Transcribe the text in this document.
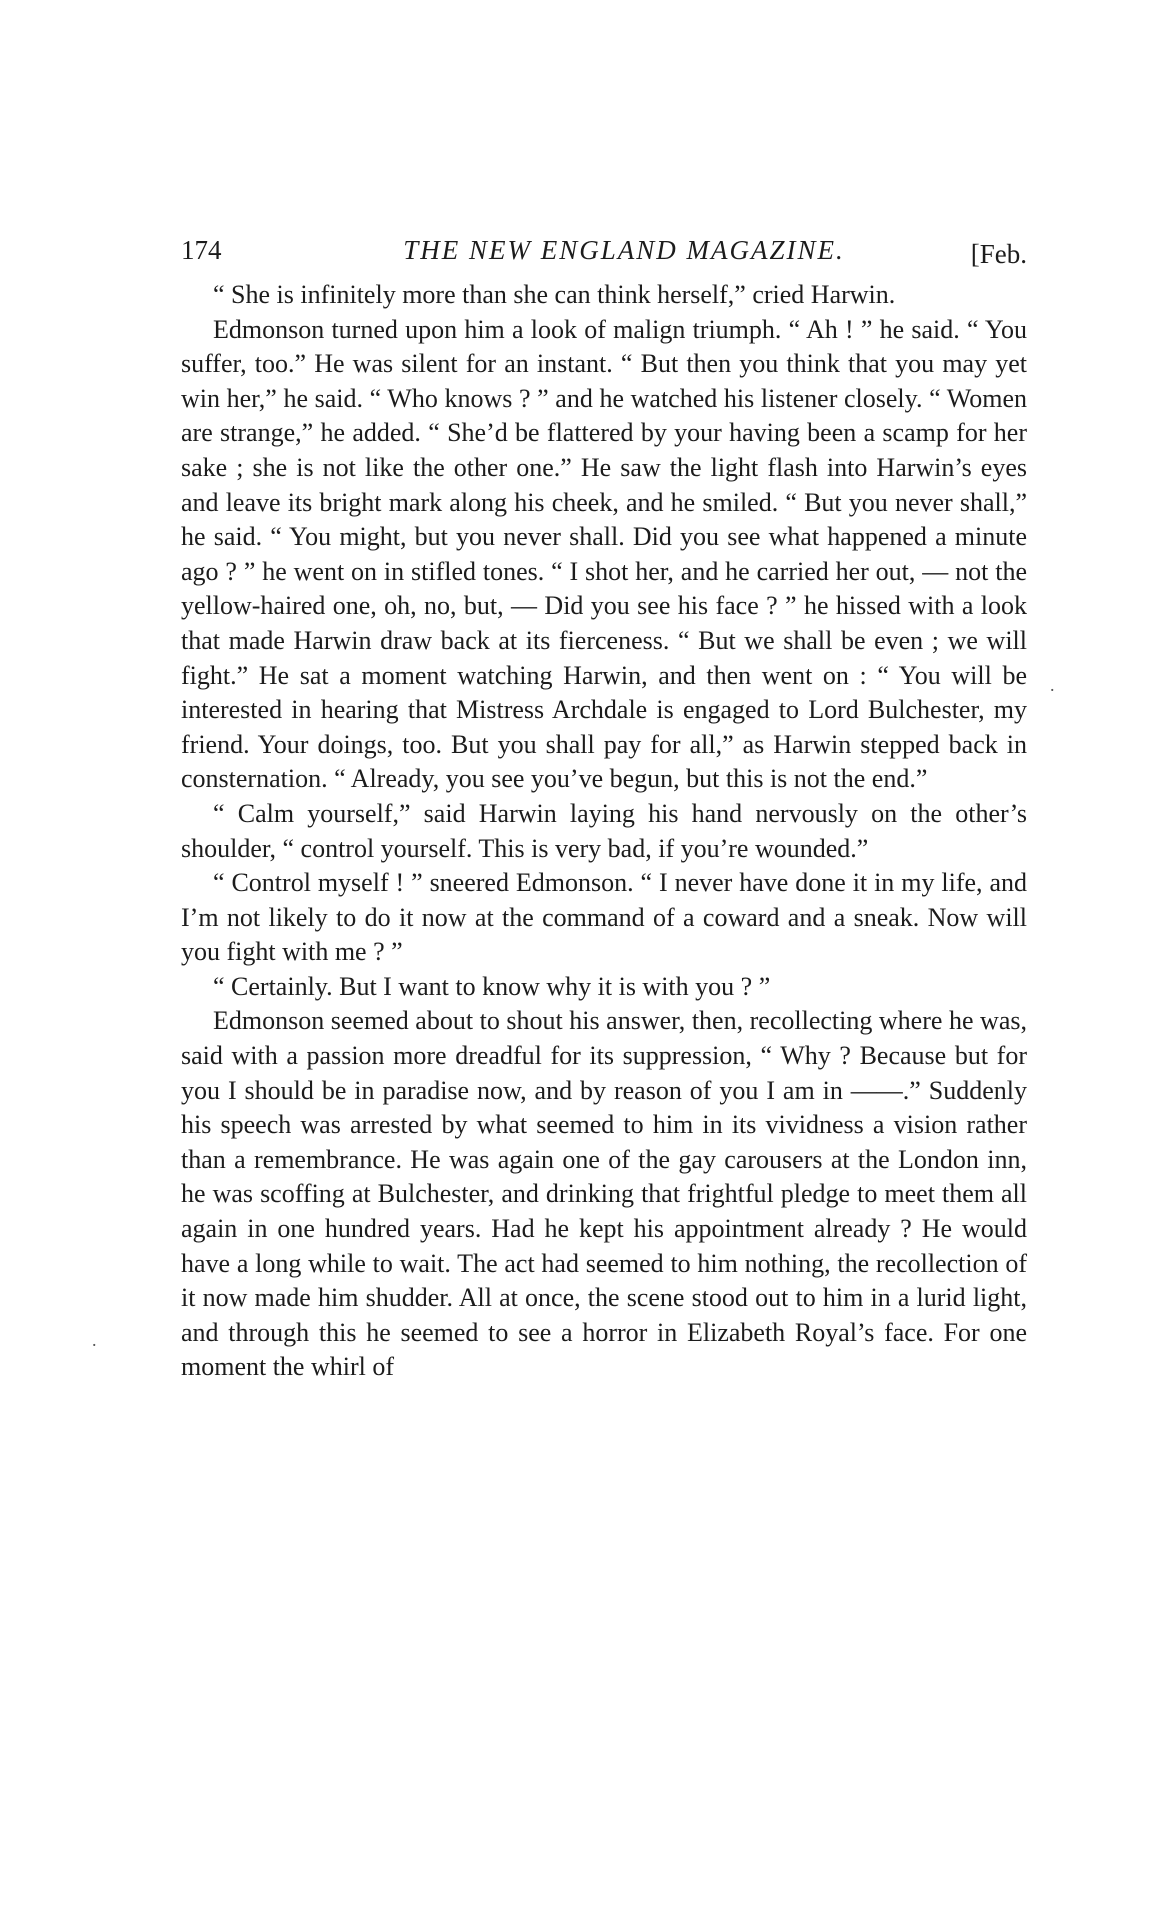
174	THE NEW ENGLAND MAGAZINE.	[Feb.

“ She is infinitely more than she can think herself,” cried Harwin.

Edmonson turned upon him a look of malign triumph. “ Ah ! ” he said. “ You suffer, too.” He was silent for an instant. “ But then you think that you may yet win her,” he said. “ Who knows ? ” and he watched his listener closely. “ Women are strange,” he added. “ She’d be flattered by your having been a scamp for her sake ; she is not like the other one.” He saw the light flash into Harwin’s eyes and leave its bright mark along his cheek, and he smiled. “ But you never shall,” he said. “ You might, but you never shall. Did you see what happened a minute ago ? ” he went on in stifled tones. “ I shot her, and he carried her out, — not the yellow-haired one, oh, no, but, — Did you see his face ? ” he hissed with a look that made Harwin draw back at its fierceness. “ But we shall be even ; we will fight.” He sat a moment watching Harwin, and then went on : “ You will be interested in hearing that Mistress Archdale is engaged to Lord Bulchester, my friend. Your doings, too. But you shall pay for all,” as Harwin stepped back in consternation. “ Already, you see you’ve begun, but this is not the end.”

“ Calm yourself,” said Harwin laying his hand nervously on the other’s shoulder, “ control yourself. This is very bad, if you’re wounded.”

“ Control myself ! ” sneered Edmonson. “ I never have done it in my life, and I’m not likely to do it now at the command of a coward and a sneak. Now will you fight with me ? ”

“ Certainly. But I want to know why it is with you ? ”

Edmonson seemed about to shout his answer, then, recollecting where he was, said with a passion more dreadful for its suppression, “ Why ? Because but for you I should be in paradise now, and by reason of you I am in ——.” Suddenly his speech was arrested by what seemed to him in its vividness a vision rather than a remembrance. He was again one of the gay carousers at the London inn, he was scoffing at Bulchester, and drinking that frightful pledge to meet them all again in one hundred years. Had he kept his appointment already ? He would have a long while to wait. The act had seemed to him nothing, the recollection of it now made him shudder. All at once, the scene stood out to him in a lurid light, and through this he seemed to see a horror in Elizabeth Royal’s face. For one moment the whirl of

.
.
